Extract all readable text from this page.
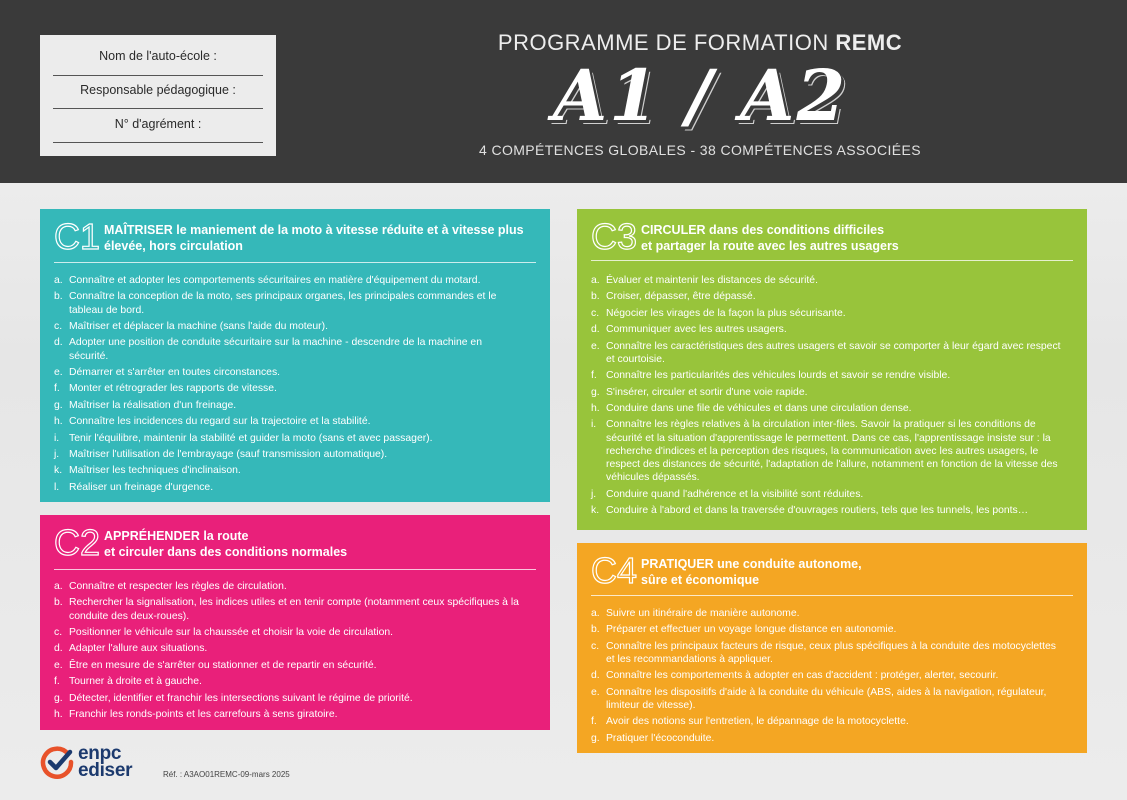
Nom de l'auto-école :
Responsable pédagogique :
N° d'agrément :
PROGRAMME DE FORMATION REMC
A1 / A2
4 COMPÉTENCES GLOBALES - 38 COMPÉTENCES ASSOCIÉES
C1 MAÎTRISER le maniement de la moto à vitesse réduite et à vitesse plus
élevée, hors circulation
a. Connaître et adopter les comportements sécuritaires en matière d'équipement du motard.
b. Connaître la conception de la moto, ses principaux organes, les principales commandes et le tableau de bord.
c. Maîtriser et déplacer la machine (sans l'aide du moteur).
d. Adopter une position de conduite sécuritaire sur la machine - descendre de la machine en sécurité.
e. Démarrer et s'arrêter en toutes circonstances.
f. Monter et rétrograder les rapports de vitesse.
g. Maîtriser la réalisation d'un freinage.
h. Connaître les incidences du regard sur la trajectoire et la stabilité.
i. Tenir l'équilibre, maintenir la stabilité et guider la moto (sans et avec passager).
j. Maîtriser l'utilisation de l'embrayage (sauf transmission automatique).
k. Maîtriser les techniques d'inclinaison.
l. Réaliser un freinage d'urgence.
C2 APPRÉHENDER la route
et circuler dans des conditions normales
a. Connaître et respecter les règles de circulation.
b. Rechercher la signalisation, les indices utiles et en tenir compte (notamment ceux spécifiques à la conduite des deux-roues).
c. Positionner le véhicule sur la chaussée et choisir la voie de circulation.
d. Adapter l'allure aux situations.
e. Être en mesure de s'arrêter ou stationner et de repartir en sécurité.
f. Tourner à droite et à gauche.
g. Détecter, identifier et franchir les intersections suivant le régime de priorité.
h. Franchir les ronds-points et les carrefours à sens giratoire.
C3 CIRCULER dans des conditions difficiles
et partager la route avec les autres usagers
a. Évaluer et maintenir les distances de sécurité.
b. Croiser, dépasser, être dépassé.
c. Négocier les virages de la façon la plus sécurisante.
d. Communiquer avec les autres usagers.
e. Connaître les caractéristiques des autres usagers et savoir se comporter à leur égard avec respect et courtoisie.
f. Connaître les particularités des véhicules lourds et savoir se rendre visible.
g. S'insérer, circuler et sortir d'une voie rapide.
h. Conduire dans une file de véhicules et dans une circulation dense.
i. Connaître les règles relatives à la circulation inter-files. Savoir la pratiquer si les conditions de sécurité et la situation d'apprentissage le permettent. Dans ce cas, l'apprentissage insiste sur : la recherche d'indices et la perception des risques, la communication avec les autres usagers, le respect des distances de sécurité, l'adaptation de l'allure, notamment en fonction de la vitesse des véhicules dépassés.
j. Conduire quand l'adhérence et la visibilité sont réduites.
k. Conduire à l'abord et dans la traversée d'ouvrages routiers, tels que les tunnels, les ponts…
C4 PRATIQUER une conduite autonome,
sûre et économique
a. Suivre un itinéraire de manière autonome.
b. Préparer et effectuer un voyage longue distance en autonomie.
c. Connaître les principaux facteurs de risque, ceux plus spécifiques à la conduite des motocyclettes et les recommandations à appliquer.
d. Connaître les comportements à adopter en cas d'accident : protéger, alerter, secourir.
e. Connaître les dispositifs d'aide à la conduite du véhicule (ABS, aides à la navigation, régulateur, limiteur de vitesse).
f. Avoir des notions sur l'entretien, le dépannage de la motocyclette.
g. Pratiquer l'écoconduite.
enpc
ediser	Réf. : A3AO01REMC-09-mars 2025
